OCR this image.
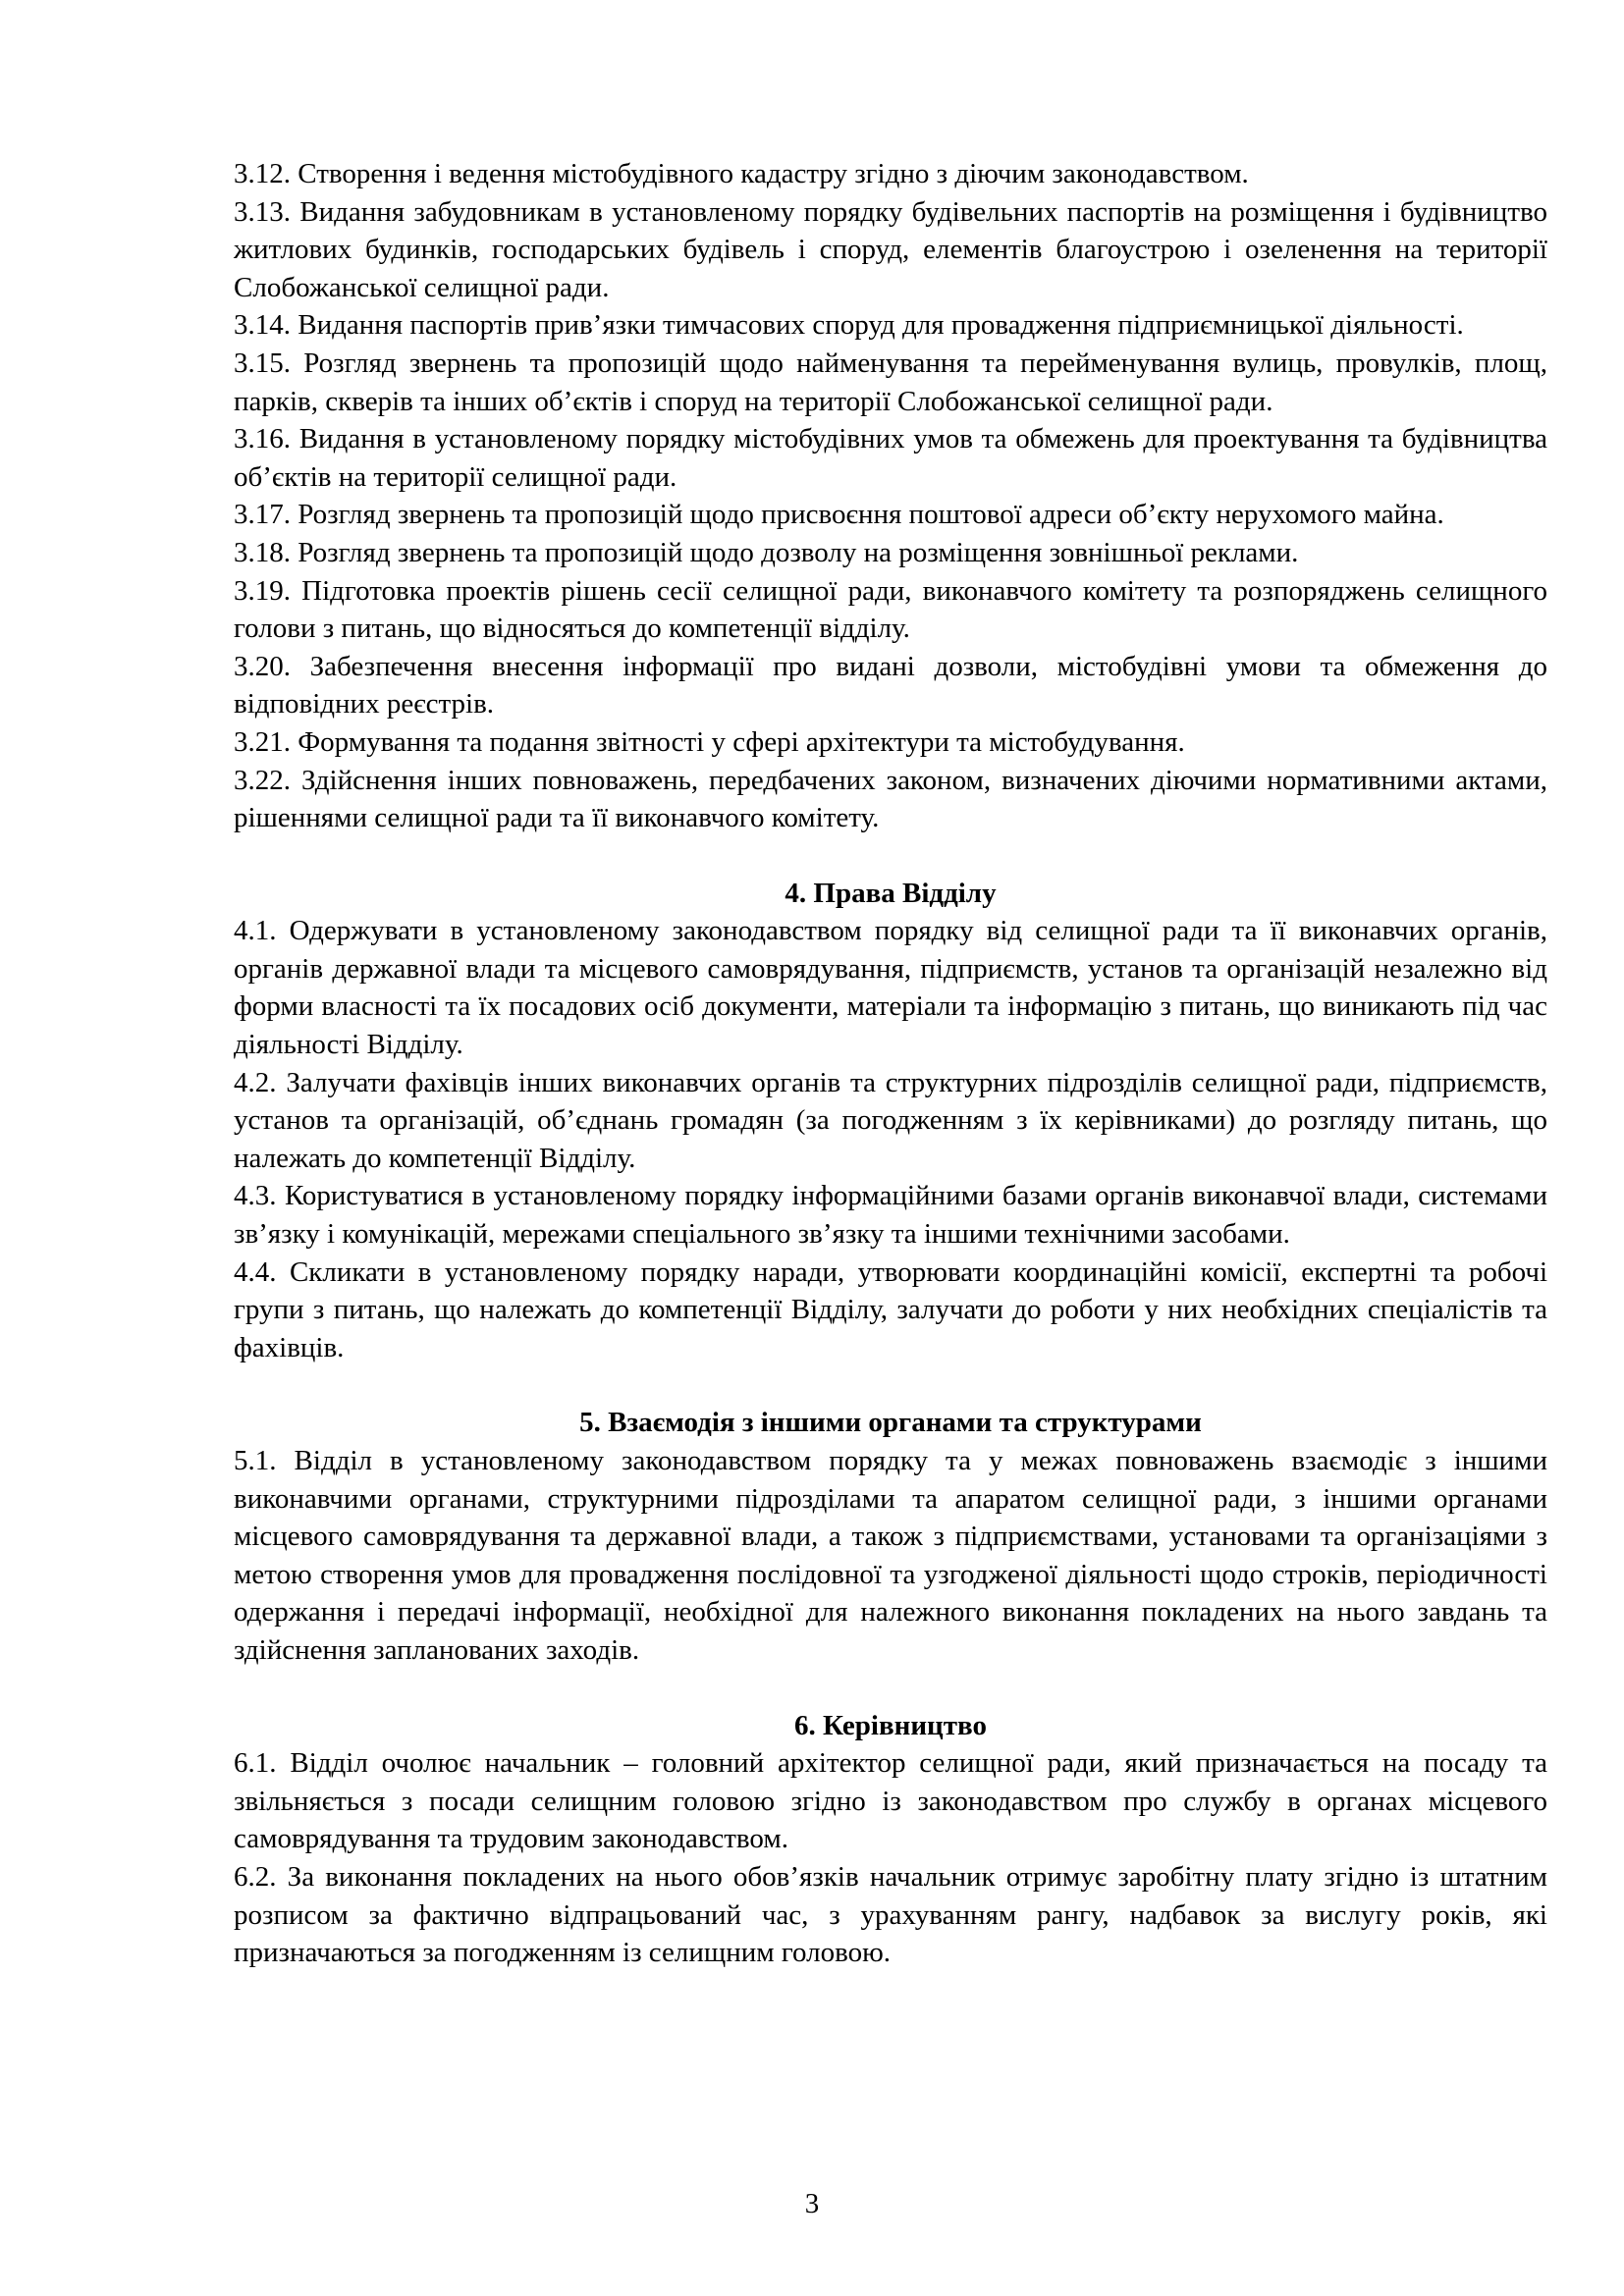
3.12. Створення і ведення містобудівного кадастру згідно з діючим законодавством.

3.13. Видання забудовникам в установленому порядку будівельних паспортів на розміщення і будівництво житлових будинків, господарських будівель і споруд, елементів благоустрою і озеленення на території Слобожанської селищної ради.

3.14. Видання паспортів прив’язки тимчасових споруд для провадження підприємницької діяльності.

3.15. Розгляд звернень та пропозицій щодо найменування та перейменування вулиць, провулків, площ, парків, скверів та інших об’єктів і споруд на території Слобожанської селищної ради.

3.16. Видання в установленому порядку містобудівних умов та обмежень для проектування та будівництва об’єктів на території селищної ради.

3.17. Розгляд звернень та пропозицій щодо присвоєння поштової адреси об’єкту нерухомого майна.

3.18. Розгляд звернень та пропозицій щодо дозволу на розміщення зовнішньої реклами.

3.19. Підготовка проектів рішень сесії селищної ради, виконавчого комітету та розпоряджень селищного голови з питань, що відносяться до компетенції відділу.

3.20. Забезпечення внесення інформації про видані дозволи, містобудівні умови та обмеження до відповідних реєстрів.

3.21. Формування та подання звітності у сфері архітектури та містобудування.

3.22. Здійснення інших повноважень, передбачених законом, визначених діючими нормативними актами, рішеннями селищної ради та її виконавчого комітету.

4. Права Відділу

4.1. Одержувати в установленому законодавством порядку від селищної ради та її виконавчих органів, органів державної влади та місцевого самоврядування, підприємств, установ та організацій незалежно від форми власності та їх посадових осіб документи, матеріали та інформацію з питань, що виникають під час діяльності Відділу.

4.2. Залучати фахівців інших виконавчих органів та структурних підрозділів селищної ради, підприємств, установ та організацій, об’єднань громадян (за погодженням з їх керівниками) до розгляду питань, що належать до компетенції Відділу.

4.3. Користуватися в установленому порядку інформаційними базами органів виконавчої влади, системами зв’язку і комунікацій, мережами спеціального зв’язку та іншими технічними засобами.

4.4. Скликати в установленому порядку наради, утворювати координаційні комісії, експертні та робочі групи з питань, що належать до компетенції Відділу, залучати до роботи у них необхідних спеціалістів та фахівців.

5. Взаємодія з іншими органами та структурами

5.1. Відділ в установленому законодавством порядку та у межах повноважень взаємодіє з іншими виконавчими органами, структурними підрозділами та апаратом селищної ради, з іншими органами місцевого самоврядування та державної влади, а також з підприємствами, установами та організаціями з метою створення умов для провадження послідовної та узгодженої діяльності щодо строків, періодичності одержання і передачі інформації, необхідної для належного виконання покладених на нього завдань та здійснення запланованих заходів.

6. Керівництво

6.1. Відділ очолює начальник – головний архітектор селищної ради, який призначається на посаду та звільняється з посади селищним головою згідно із законодавством про службу в органах місцевого самоврядування та трудовим законодавством.

6.2. За виконання покладених на нього обов’язків начальник отримує заробітну плату згідно із штатним розписом за фактично відпрацьований час, з урахуванням рангу, надбавок за вислугу років, які призначаються за погодженням із селищним головою.

3
